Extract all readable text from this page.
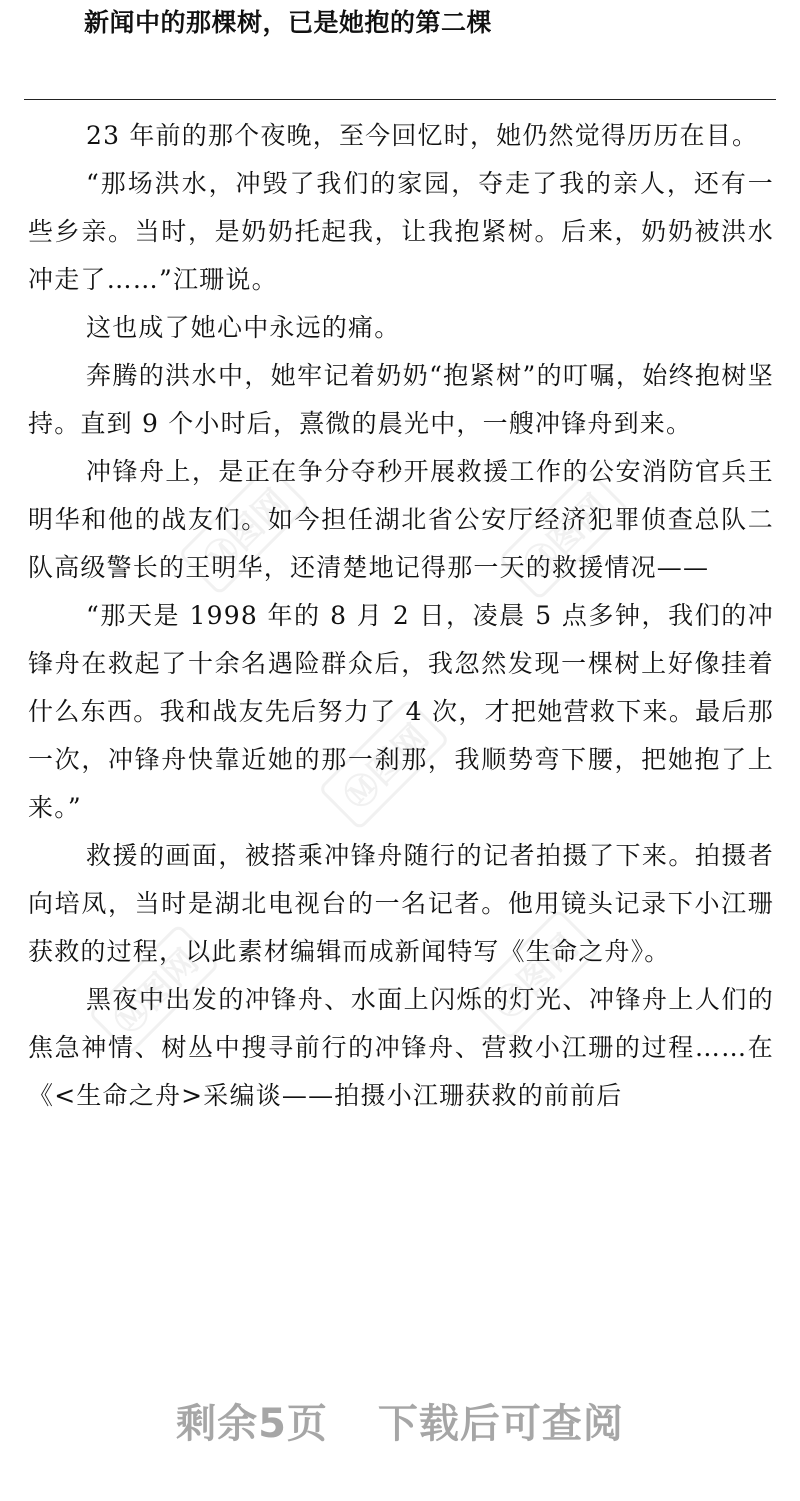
新闻中的那棵树，已是她抱的第二棵
Ⓜ图网	Ⓜ图网
Ⓜ图网
Ⓜ图网	Ⓜ图网

23 年前的那个夜晚，至今回忆时，她仍然觉得历历在目。

“那场洪水，冲毁了我们的家园，夺走了我的亲人，还有一些乡亲。当时，是奶奶托起我，让我抱紧树。后来，奶奶被洪水冲走了……”江珊说。

这也成了她心中永远的痛。

奔腾的洪水中，她牢记着奶奶“抱紧树”的叮嘱，始终抱树坚持。直到 9 个小时后，熹微的晨光中，一艘冲锋舟到来。

冲锋舟上，是正在争分夺秒开展救援工作的公安消防官兵王明华和他的战友们。如今担任湖北省公安厅经济犯罪侦查总队二队高级警长的王明华，还清楚地记得那一天的救援情况——

“那天是 1998 年的 8 月 2 日，凌晨 5 点多钟，我们的冲锋舟在救起了十余名遇险群众后，我忽然发现一棵树上好像挂着什么东西。我和战友先后努力了 4 次，才把她营救下来。最后那一次，冲锋舟快靠近她的那一刹那，我顺势弯下腰，把她抱了上来。”

救援的画面，被搭乘冲锋舟随行的记者拍摄了下来。拍摄者向培凤，当时是湖北电视台的一名记者。他用镜头记录下小江珊获救的过程，以此素材编辑而成新闻特写《生命之舟》。

黑夜中出发的冲锋舟、水面上闪烁的灯光、冲锋舟上人们的焦急神情、树丛中搜寻前行的冲锋舟、营救小江珊的过程……在《<生命之舟>采编谈——拍摄小江珊获救的前前后

剩余5页 下载后可查阅
